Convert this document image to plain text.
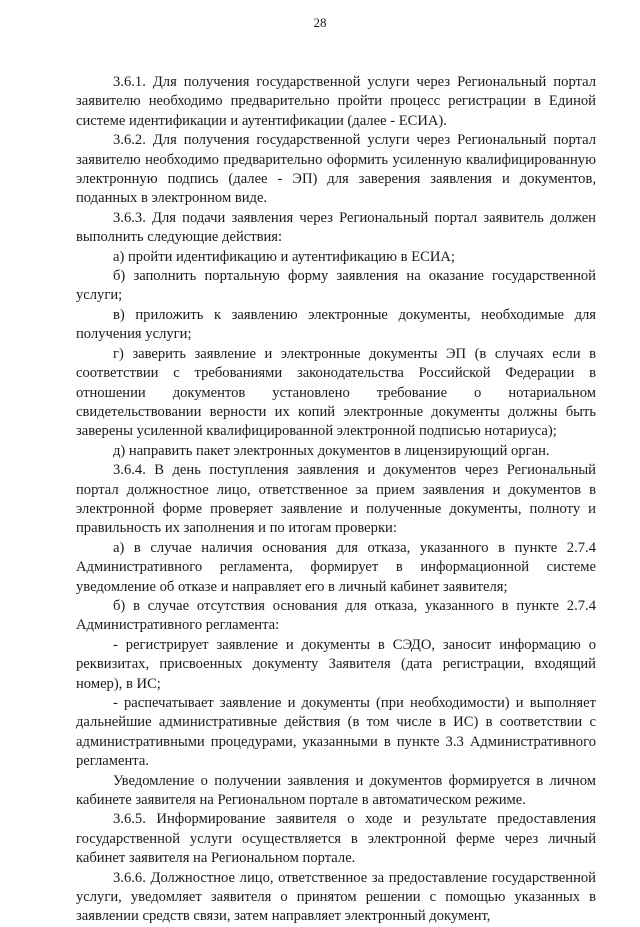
28

3.6.1. Для получения государственной услуги через Региональный портал заявителю необходимо предварительно пройти процесс регистрации в Единой системе идентификации и аутентификации (далее - ЕСИА).

3.6.2. Для получения государственной услуги через Региональный портал заявителю необходимо предварительно оформить усиленную квалифицированную электронную подпись (далее - ЭП) для заверения заявления и документов, поданных в электронном виде.

3.6.3. Для подачи заявления через Региональный портал заявитель должен выполнить следующие действия:

а) пройти идентификацию и аутентификацию в ЕСИА;

б) заполнить портальную форму заявления на оказание государственной услуги;

в) приложить к заявлению электронные документы, необходимые для получения услуги;

г) заверить заявление и электронные документы ЭП (в случаях если в соответствии с требованиями законодательства Российской Федерации в отношении документов установлено требование о нотариальном свидетельствовании верности их копий электронные документы должны быть заверены усиленной квалифицированной электронной подписью нотариуса);

д) направить пакет электронных документов в лицензирующий орган.

3.6.4. В день поступления заявления и документов через Региональный портал должностное лицо, ответственное за прием заявления и документов в электронной форме проверяет заявление и полученные документы, полноту и правильность их заполнения и по итогам проверки:

а) в случае наличия основания для отказа, указанного в пункте 2.7.4 Административного регламента, формирует в информационной системе уведомление об отказе и направляет его в личный кабинет заявителя;

б) в случае отсутствия основания для отказа, указанного в пункте 2.7.4 Административного регламента:

- регистрирует заявление и документы в СЭДО, заносит информацию о реквизитах, присвоенных документу Заявителя (дата регистрации, входящий номер), в ИС;

- распечатывает заявление и документы (при необходимости) и выполняет дальнейшие административные действия (в том числе в ИС) в соответствии с административными процедурами, указанными в пункте 3.3 Административного регламента.

Уведомление о получении заявления и документов формируется в личном кабинете заявителя на Региональном портале в автоматическом режиме.

3.6.5. Информирование заявителя о ходе и результате предоставления государственной услуги осуществляется в электронной ферме через личный кабинет заявителя на Региональном портале.

3.6.6. Должностное лицо, ответственное за предоставление государственной услуги, уведомляет заявителя о принятом решении с помощью указанных в заявлении средств связи, затем направляет электронный документ,
